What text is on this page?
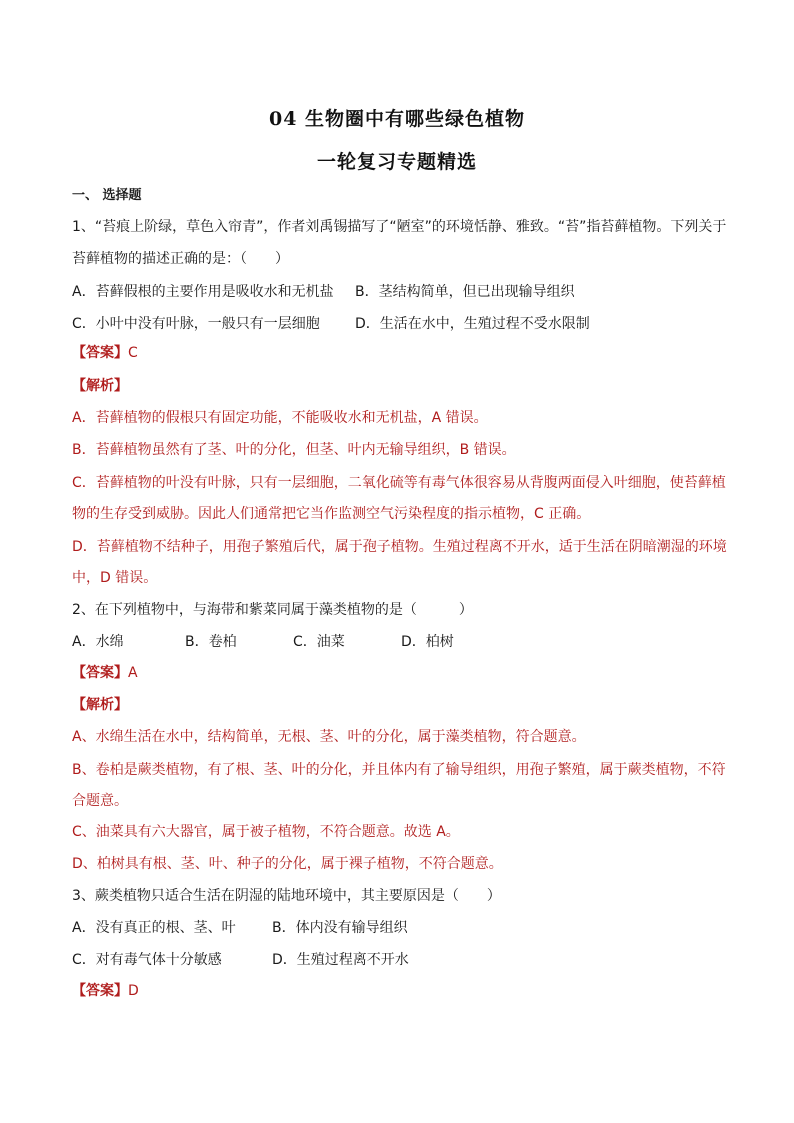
04 生物圈中有哪些绿色植物
一轮复习专题精选
一、 选择题
1、“苔痕上阶绿，草色入帘青”，作者刘禹锡描写了“陋室”的环境恬静、雅致。“苔”指苔藓植物。下列关于
苔藓植物的描述正确的是：（　　）
A．苔藓假根的主要作用是吸收水和无机盐 B．茎结构简单，但已出现输导组织
C．小叶中没有叶脉，一般只有一层细胞	D．生活在水中，生殖过程不受水限制
【答案】C
【解析】
A．苔藓植物的假根只有固定功能，不能吸收水和无机盐，A 错误。
B．苔藓植物虽然有了茎、叶的分化，但茎、叶内无输导组织，B 错误。
C．苔藓植物的叶没有叶脉，只有一层细胞，二氧化硫等有毒气体很容易从背腹两面侵入叶细胞，使苔藓植
物的生存受到威胁。因此人们通常把它当作监测空气污染程度的指示植物，C 正确。
D．苔藓植物不结种子，用孢子繁殖后代，属于孢子植物。生殖过程离不开水，适于生活在阴暗潮湿的环境
中，D 错误。
2、在下列植物中，与海带和紫菜同属于藻类植物的是（　　　）
A．水绵	B．卷柏	C．油菜	D．柏树
【答案】A
【解析】
A、水绵生活在水中，结构简单，无根、茎、叶的分化，属于藻类植物，符合题意。
B、卷柏是蕨类植物，有了根、茎、叶的分化，并且体内有了输导组织，用孢子繁殖，属于蕨类植物，不符
合题意。
C、油菜具有六大器官，属于被子植物，不符合题意。故选 A。
D、柏树具有根、茎、叶、种子的分化，属于裸子植物，不符合题意。
3、蕨类植物只适合生活在阴湿的陆地环境中，其主要原因是（　　）
A．没有真正的根、茎、叶	B．体内没有输导组织
C．对有毒气体十分敏感	D．生殖过程离不开水
【答案】D
